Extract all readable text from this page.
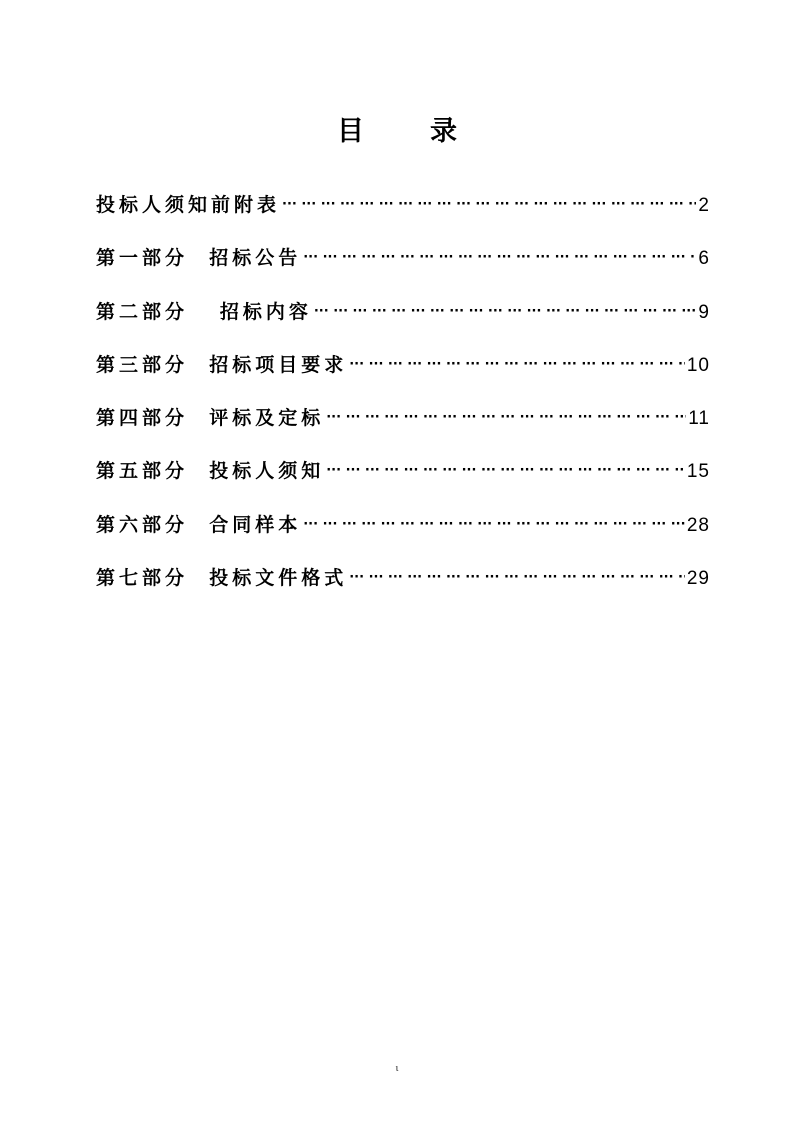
目 录
投标人须知前附表 ··· ·	2
第一部分  招标公告 ··· ·	6
第二部分   招标内容 ··· ·	9
第三部分  招标项目要求 ··· ·	10
第四部分  评标及定标 ··· ·	11
第五部分  投标人须知 ··· ·	15
第六部分  合同样本 ··· ·	28
第七部分  投标文件格式 ··· ·	29
ι
